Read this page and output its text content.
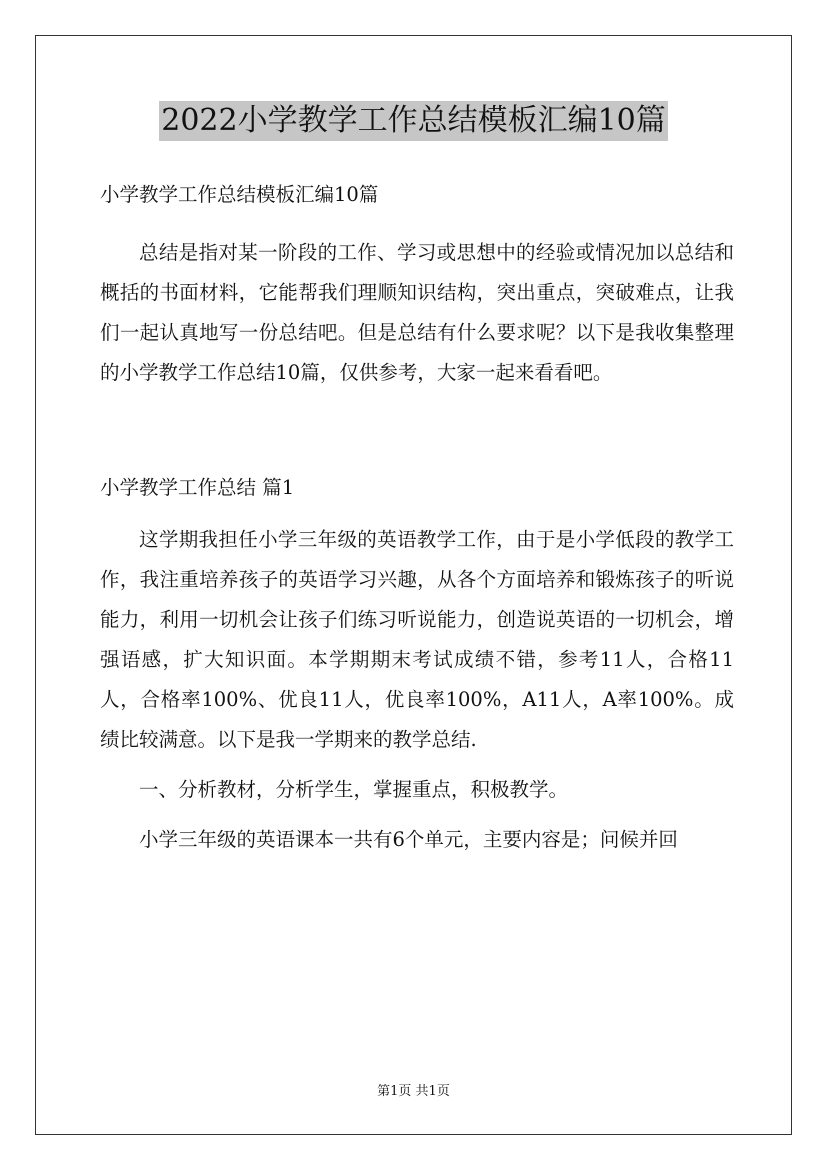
2022小学教学工作总结模板汇编10篇

小学教学工作总结模板汇编10篇

总结是指对某一阶段的工作、学习或思想中的经验或情况加以总结和概括的书面材料，它能帮我们理顺知识结构，突出重点，突破难点，让我们一起认真地写一份总结吧。但是总结有什么要求呢？以下是我收集整理的小学教学工作总结10篇，仅供参考，大家一起来看看吧。

小学教学工作总结 篇1

这学期我担任小学三年级的英语教学工作，由于是小学低段的教学工作，我注重培养孩子的英语学习兴趣，从各个方面培养和锻炼孩子的听说能力，利用一切机会让孩子们练习听说能力，创造说英语的一切机会，增强语感，扩大知识面。本学期期末考试成绩不错，参考11人，合格11人，合格率100%、优良11人，优良率100%，A11人，A率100%。成绩比较满意。以下是我一学期来的教学总结.

一、分析教材，分析学生，掌握重点，积极教学。

小学三年级的英语课本一共有6个单元，主要内容是；问候并回

第1页 共1页
